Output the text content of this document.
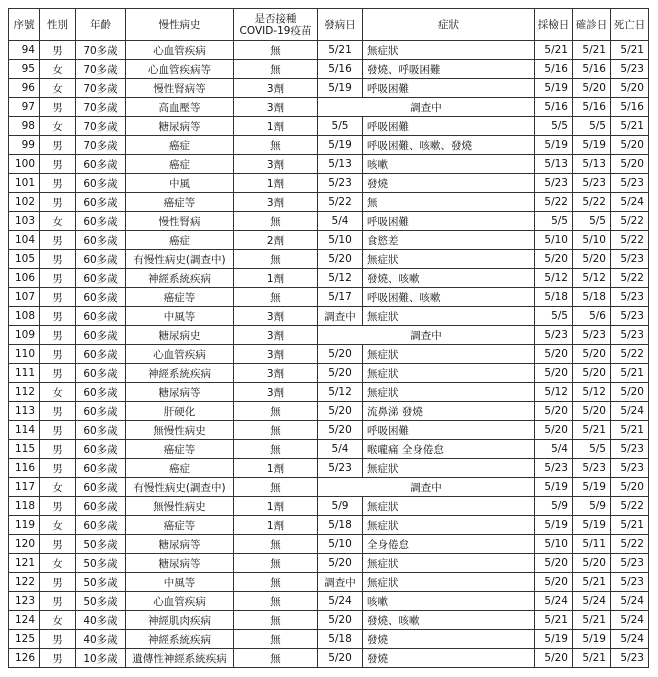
序號	性別	年齡	慢性病史	是否接種COVID-19疫苗	發病日	症狀	採檢日	確診日	死亡日
94	男	70多歲	心血管疾病	無	5/21	無症狀	5/21	5/21	5/21
95	女	70多歲	心血管疾病等	無	5/16	發燒、呼吸困難	5/16	5/16	5/23
96	女	70多歲	慢性腎病等	3劑	5/19	呼吸困難	5/19	5/20	5/20
97	男	70多歲	高血壓等	3劑	調查中		5/16	5/16	5/16
98	女	70多歲	糖尿病等	1劑	5/5	呼吸困難	5/5	5/5	5/21
99	男	70多歲	癌症	無	5/19	呼吸困難、咳嗽、發燒	5/19	5/19	5/20
100	男	60多歲	癌症	3劑	5/13	咳嗽	5/13	5/13	5/20
101	男	60多歲	中風	1劑	5/23	發燒	5/23	5/23	5/23
102	男	60多歲	癌症等	3劑	5/22	無	5/22	5/22	5/24
103	女	60多歲	慢性腎病	無	5/4	呼吸困難	5/5	5/5	5/22
104	男	60多歲	癌症	2劑	5/10	食慾差	5/10	5/10	5/22
105	男	60多歲	有慢性病史(調查中)	無	5/20	無症狀	5/20	5/20	5/23
106	男	60多歲	神經系統疾病	1劑	5/12	發燒、咳嗽	5/12	5/12	5/22
107	男	60多歲	癌症等	無	5/17	呼吸困難、咳嗽	5/18	5/18	5/23
108	男	60多歲	中風等	3劑	調查中	無症狀	5/5	5/6	5/23
109	男	60多歲	糖尿病史	3劑	調查中		5/23	5/23	5/23
110	男	60多歲	心血管疾病	3劑	5/20	無症狀	5/20	5/20	5/22
111	男	60多歲	神經系統疾病	3劑	5/20	無症狀	5/20	5/20	5/21
112	女	60多歲	糖尿病等	3劑	5/12	無症狀	5/12	5/12	5/20
113	男	60多歲	肝硬化	無	5/20	流鼻涕 發燒	5/20	5/20	5/24
114	男	60多歲	無慢性病史	無	5/20	呼吸困難	5/20	5/21	5/21
115	男	60多歲	癌症等	無	5/4	喉嚨痛 全身倦怠	5/4	5/5	5/23
116	男	60多歲	癌症	1劑	5/23	無症狀	5/23	5/23	5/23
117	女	60多歲	有慢性病史(調查中)	無	調查中		5/19	5/19	5/20
118	男	60多歲	無慢性病史	1劑	5/9	無症狀	5/9	5/9	5/22
119	女	60多歲	癌症等	1劑	5/18	無症狀	5/19	5/19	5/21
120	男	50多歲	糖尿病等	無	5/10	全身倦怠	5/10	5/11	5/22
121	女	50多歲	糖尿病等	無	5/20	無症狀	5/20	5/20	5/23
122	男	50多歲	中風等	無	調查中	無症狀	5/20	5/21	5/23
123	男	50多歲	心血管疾病	無	5/24	咳嗽	5/24	5/24	5/24
124	女	40多歲	神經肌肉疾病	無	5/20	發燒、咳嗽	5/21	5/21	5/24
125	男	40多歲	神經系統疾病	無	5/18	發燒	5/19	5/19	5/24
126	男	10多歲	遺傳性神經系統疾病	無	5/20	發燒	5/20	5/21	5/23
